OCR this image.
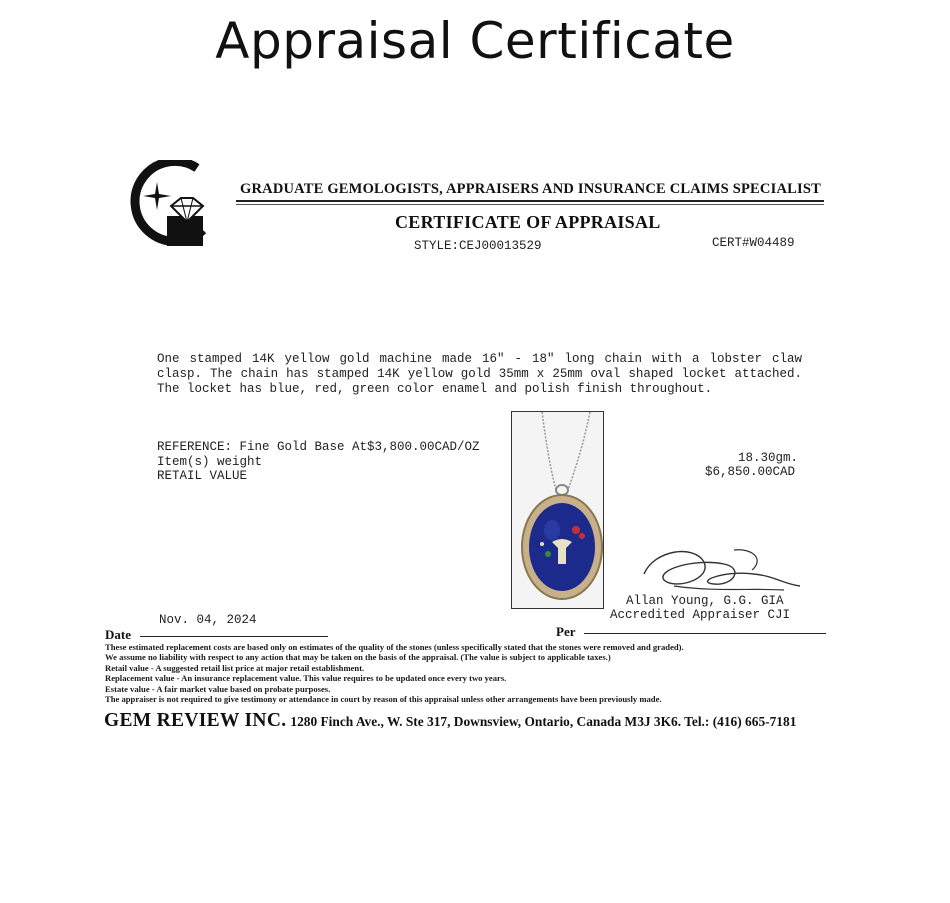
Appraisal Certificate
GRADUATE GEMOLOGISTS, APPRAISERS AND INSURANCE CLAIMS SPECIALIST
CERTIFICATE OF APPRAISAL
STYLE:CEJ00013529	CERT#W04489
One stamped 14K yellow gold machine made 16" - 18" long chain with a lobster claw clasp. The chain has stamped 14K yellow gold 35mm x 25mm oval shaped locket attached. The locket has blue, red, green color enamel and polish finish throughout.
REFERENCE: Fine Gold Base At$3,800.00CAD/OZ
Item(s) weight
RETAIL VALUE
18.30gm.
$6,850.00CAD
Nov. 04, 2024
Allan Young, G.G. GIA
Accredited Appraiser CJI
Date	Per
These estimated replacement costs are based only on estimates of the quality of the stones (unless specifically stated that the stones were removed and graded).
We assume no liability with respect to any action that may be taken on the basis of the appraisal. (The value is subject to applicable taxes.)
Retail value - A suggested retail list price at major retail establishment.
Replacement value - An insurance replacement value. This value requires to be updated once every two years.
Estate value - A fair market value based on probate purposes.
The appraiser is not required to give testimony or attendance in court by reason of this appraisal unless other arrangements have been previously made.
GEM REVIEW INC. 1280 Finch Ave., W. Ste 317, Downsview, Ontario, Canada M3J 3K6. Tel.: (416) 665-7181
